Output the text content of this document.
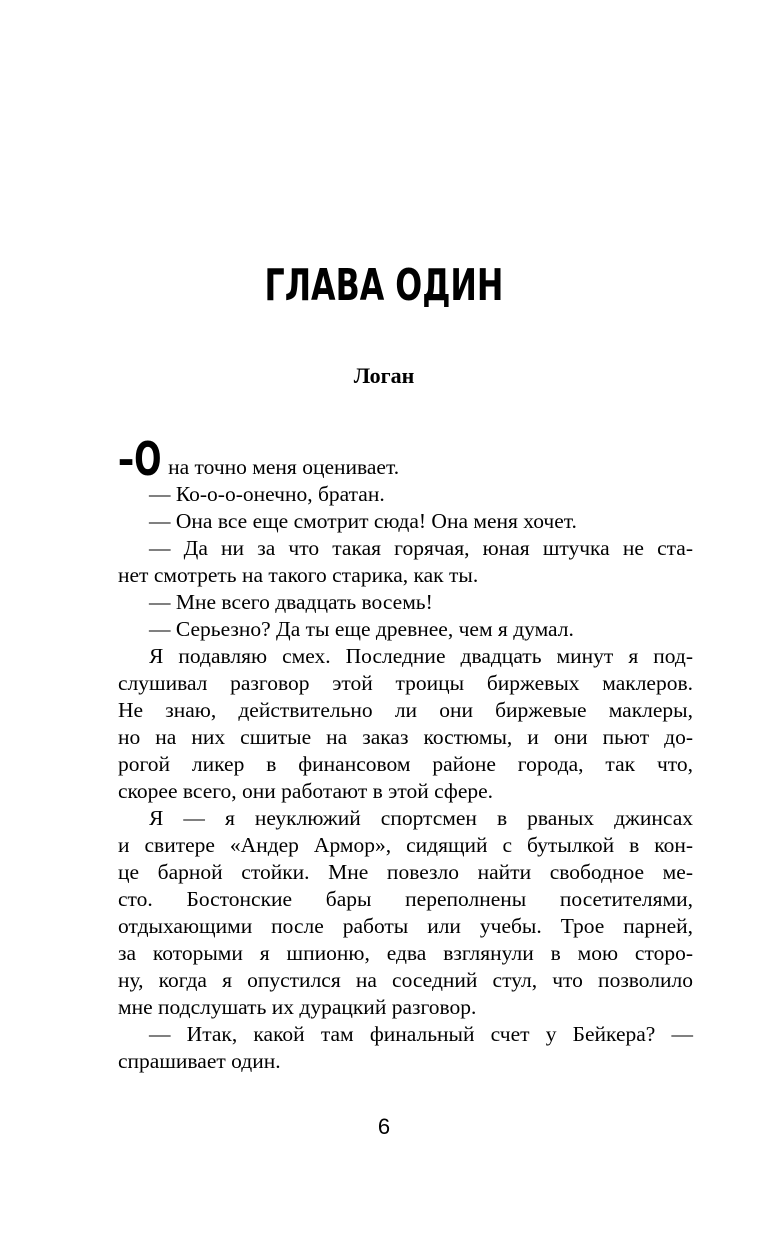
ГЛАВА ОДИН
Логан
–О на точно меня оценивает.
— Ко-о-о-онечно, братан.
— Она все еще смотрит сюда! Она меня хочет.
— Да ни за что такая горячая, юная штучка не ста-
нет смотреть на такого старика, как ты.
— Мне всего двадцать восемь!
— Серьезно? Да ты еще древнее, чем я думал.
Я подавляю смех. Последние двадцать минут я под-
слушивал разговор этой троицы биржевых маклеров.
Не знаю, действительно ли они биржевые маклеры,
но на них сшитые на заказ костюмы, и они пьют до-
рогой ликер в финансовом районе города, так что,
скорее всего, они работают в этой сфере.
Я — я неуклюжий спортсмен в рваных джинсах
и свитере «Андер Армор», сидящий с бутылкой в кон-
це барной стойки. Мне повезло найти свободное ме-
сто. Бостонские бары переполнены посетителями,
отдыхающими после работы или учебы. Трое парней,
за которыми я шпионю, едва взглянули в мою сторо-
ну, когда я опустился на соседний стул, что позволило
мне подслушать их дурацкий разговор.
— Итак, какой там финальный счет у Бейкера? —
спрашивает один.
6
